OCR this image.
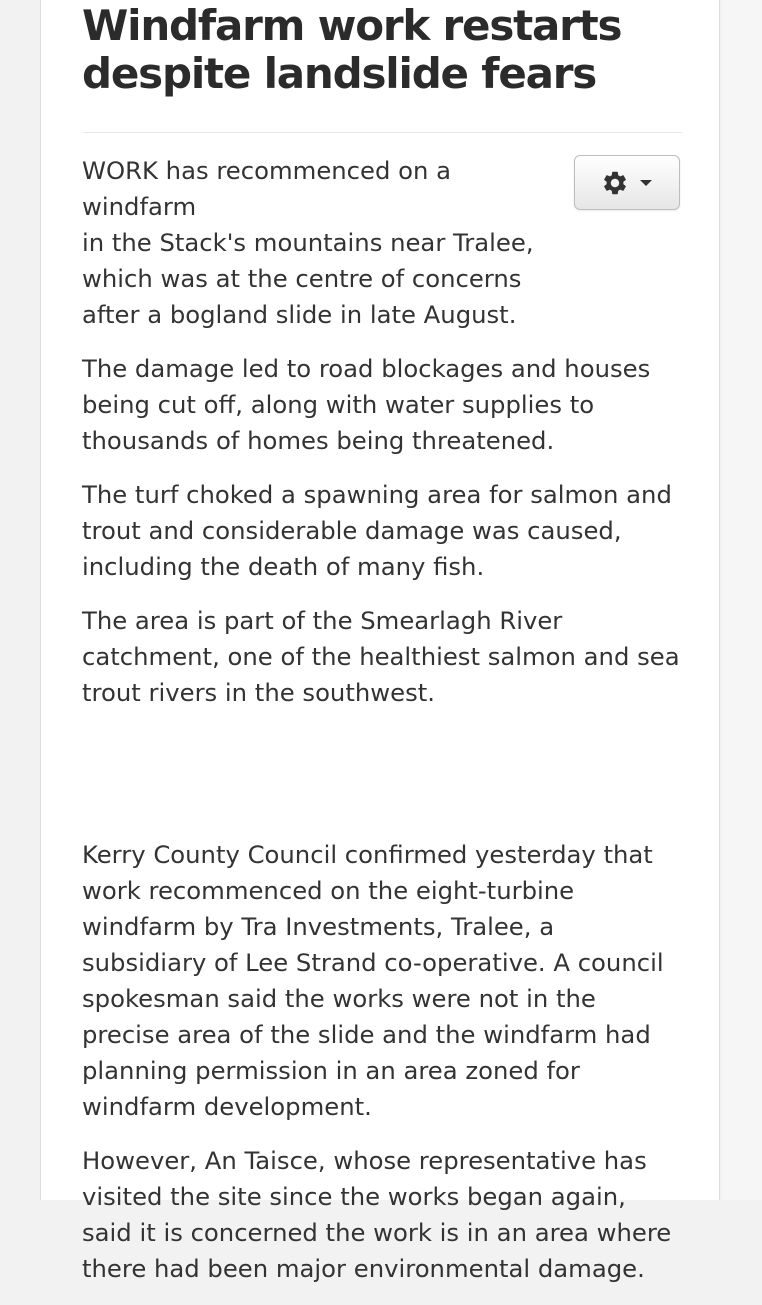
Windfarm work restarts despite landslide fears

WORK has recommenced on a windfarm
in the Stack's mountains near Tralee,
which was at the centre of concerns after a bogland slide in late August.

The damage led to road blockages and houses being cut off, along with water supplies to thousands of homes being threatened.

The turf choked a spawning area for salmon and trout and considerable damage was caused, including the death of many fish.

The area is part of the Smearlagh River catchment, one of the healthiest salmon and sea trout rivers in the southwest.

Kerry County Council confirmed yesterday that work recommenced on the eight-turbine windfarm by Tra Investments, Tralee, a subsidiary of Lee Strand co-operative. A council spokesman said the works were not in the precise area of the slide and the windfarm had planning permission in an area zoned for windfarm development.

However, An Taisce, whose representative has visited the site since the works began again, said it is concerned the work is in an area where there had been major environmental damage.
